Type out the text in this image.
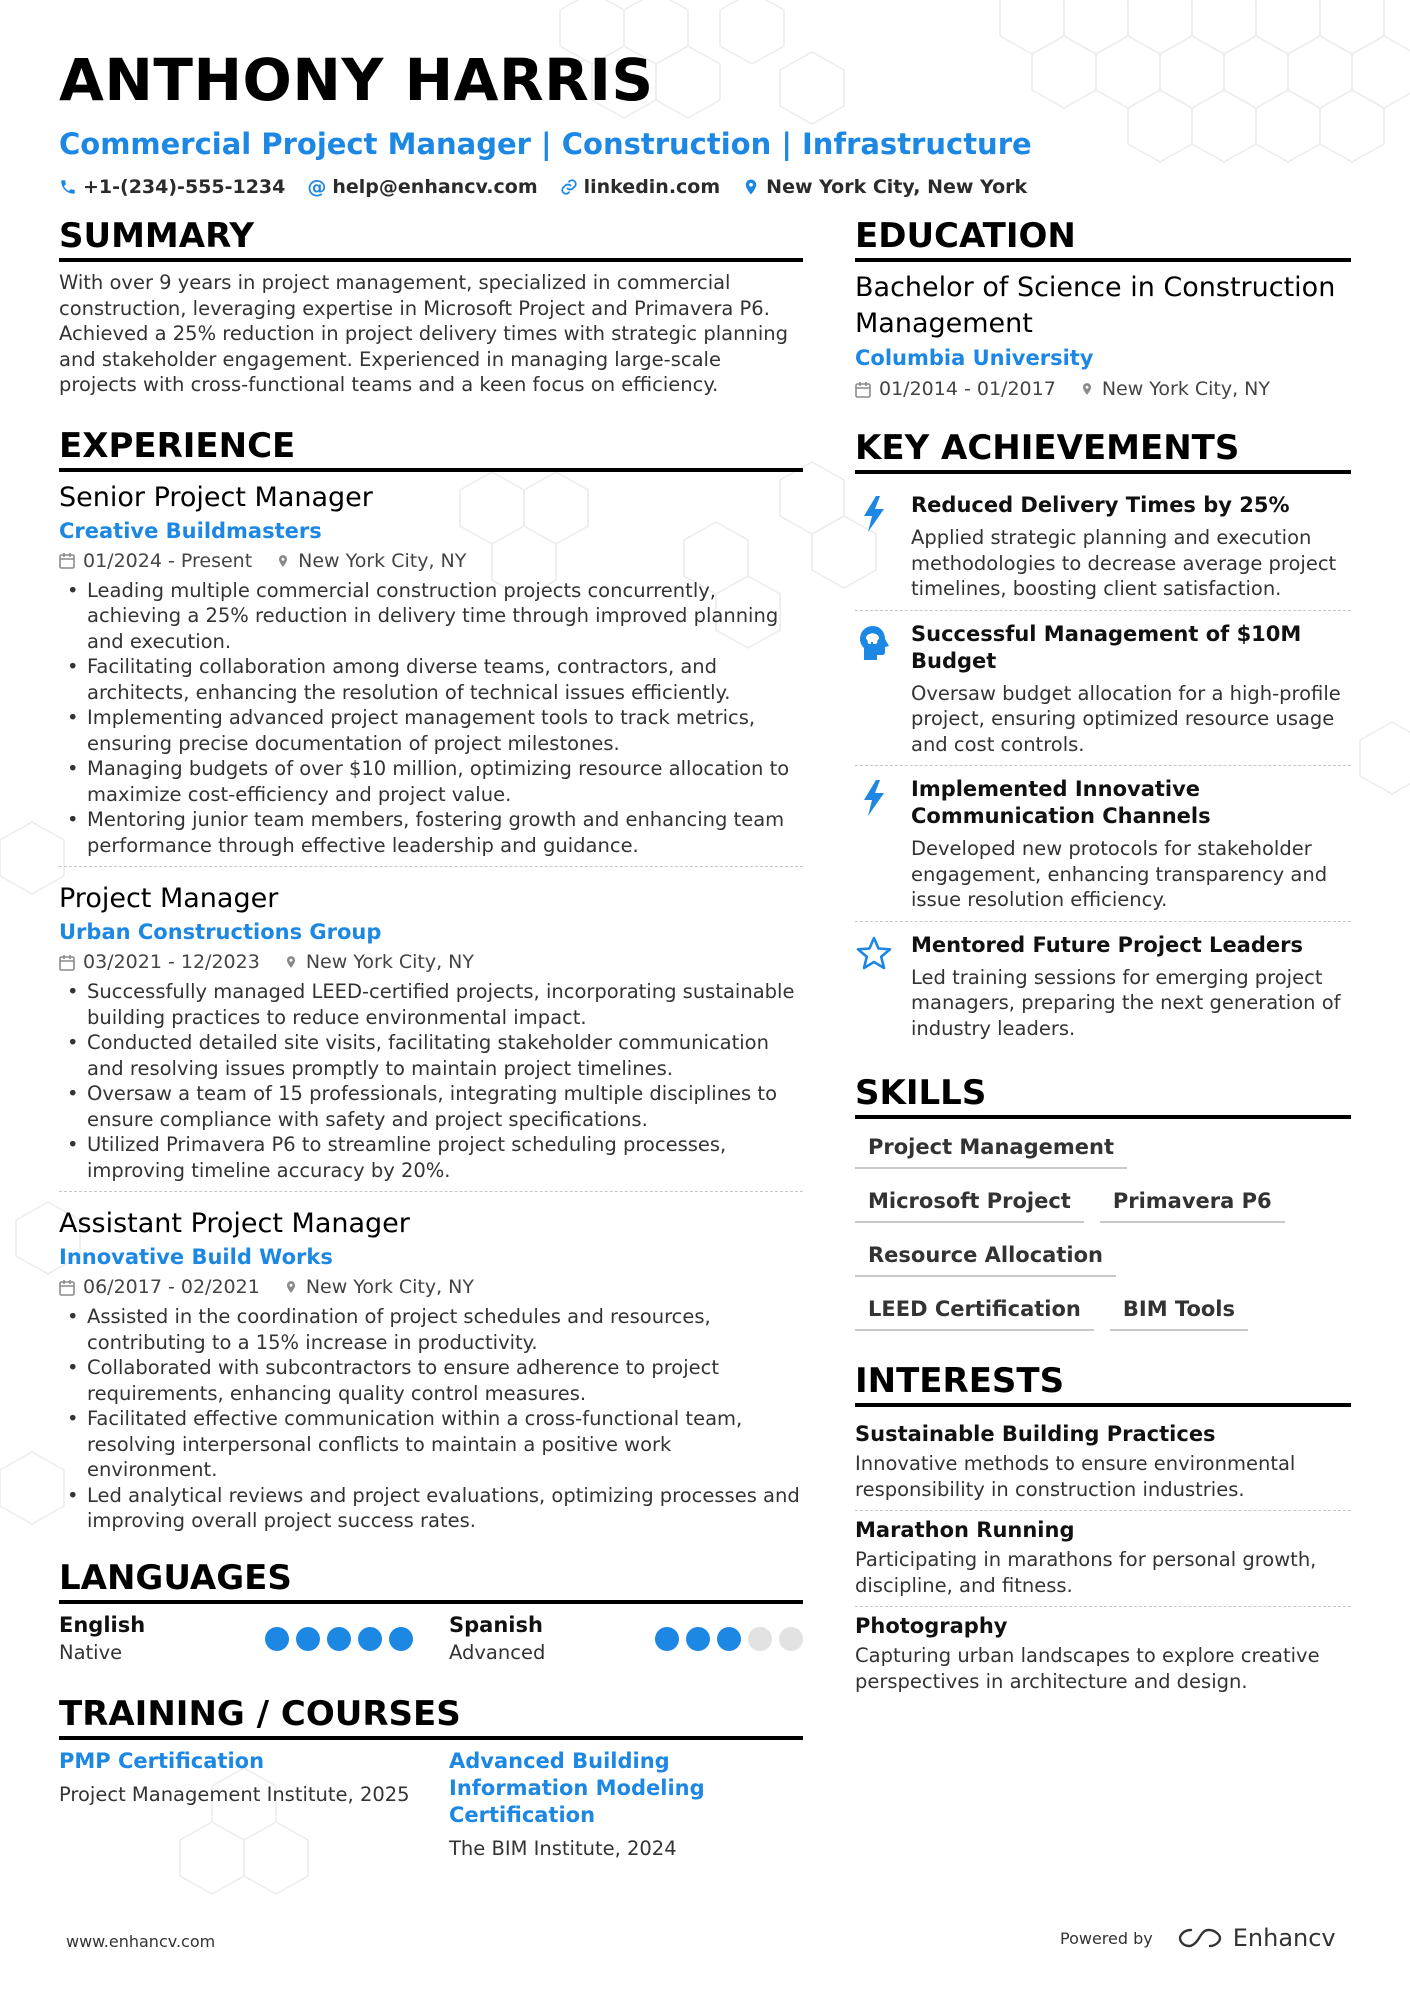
ANTHONY HARRIS
Commercial Project Manager | Construction | Infrastructure
+1-(234)-555-1234 @ help@enhancv.com linkedin.com New York City, New York
SUMMARY
With over 9 years in project management, specialized in commercial construction, leveraging expertise in Microsoft Project and Primavera P6. Achieved a 25% reduction in project delivery times with strategic planning and stakeholder engagement. Experienced in managing large-scale projects with cross-functional teams and a keen focus on efficiency.
EXPERIENCE
Senior Project Manager
Creative Buildmasters
01/2024 - Present New York City, NY
• Leading multiple commercial construction projects concurrently, achieving a 25% reduction in delivery time through improved planning and execution.
• Facilitating collaboration among diverse teams, contractors, and architects, enhancing the resolution of technical issues efficiently.
• Implementing advanced project management tools to track metrics, ensuring precise documentation of project milestones.
• Managing budgets of over $10 million, optimizing resource allocation to maximize cost-efficiency and project value.
• Mentoring junior team members, fostering growth and enhancing team performance through effective leadership and guidance.
Project Manager
Urban Constructions Group
03/2021 - 12/2023 New York City, NY
• Successfully managed LEED-certified projects, incorporating sustainable building practices to reduce environmental impact.
• Conducted detailed site visits, facilitating stakeholder communication and resolving issues promptly to maintain project timelines.
• Oversaw a team of 15 professionals, integrating multiple disciplines to ensure compliance with safety and project specifications.
• Utilized Primavera P6 to streamline project scheduling processes, improving timeline accuracy by 20%.
Assistant Project Manager
Innovative Build Works
06/2017 - 02/2021 New York City, NY
• Assisted in the coordination of project schedules and resources, contributing to a 15% increase in productivity.
• Collaborated with subcontractors to ensure adherence to project requirements, enhancing quality control measures.
• Facilitated effective communication within a cross-functional team, resolving interpersonal conflicts to maintain a positive work environment.
• Led analytical reviews and project evaluations, optimizing processes and improving overall project success rates.
LANGUAGES
English
Native
Spanish
Advanced
TRAINING / COURSES
PMP Certification
Project Management Institute, 2025
Advanced Building Information Modeling Certification
The BIM Institute, 2024
EDUCATION
Bachelor of Science in Construction Management
Columbia University
01/2014 - 01/2017 New York City, NY
KEY ACHIEVEMENTS
Reduced Delivery Times by 25%
Applied strategic planning and execution methodologies to decrease average project timelines, boosting client satisfaction.
Successful Management of $10M Budget
Oversaw budget allocation for a high-profile project, ensuring optimized resource usage and cost controls.
Implemented Innovative Communication Channels
Developed new protocols for stakeholder engagement, enhancing transparency and issue resolution efficiency.
Mentored Future Project Leaders
Led training sessions for emerging project managers, preparing the next generation of industry leaders.
SKILLS
Project Management
Microsoft Project	Primavera P6
Resource Allocation
LEED Certification	BIM Tools
INTERESTS
Sustainable Building Practices
Innovative methods to ensure environmental responsibility in construction industries.
Marathon Running
Participating in marathons for personal growth, discipline, and fitness.
Photography
Capturing urban landscapes to explore creative perspectives in architecture and design.
www.enhancv.com	Powered by	Enhancv
